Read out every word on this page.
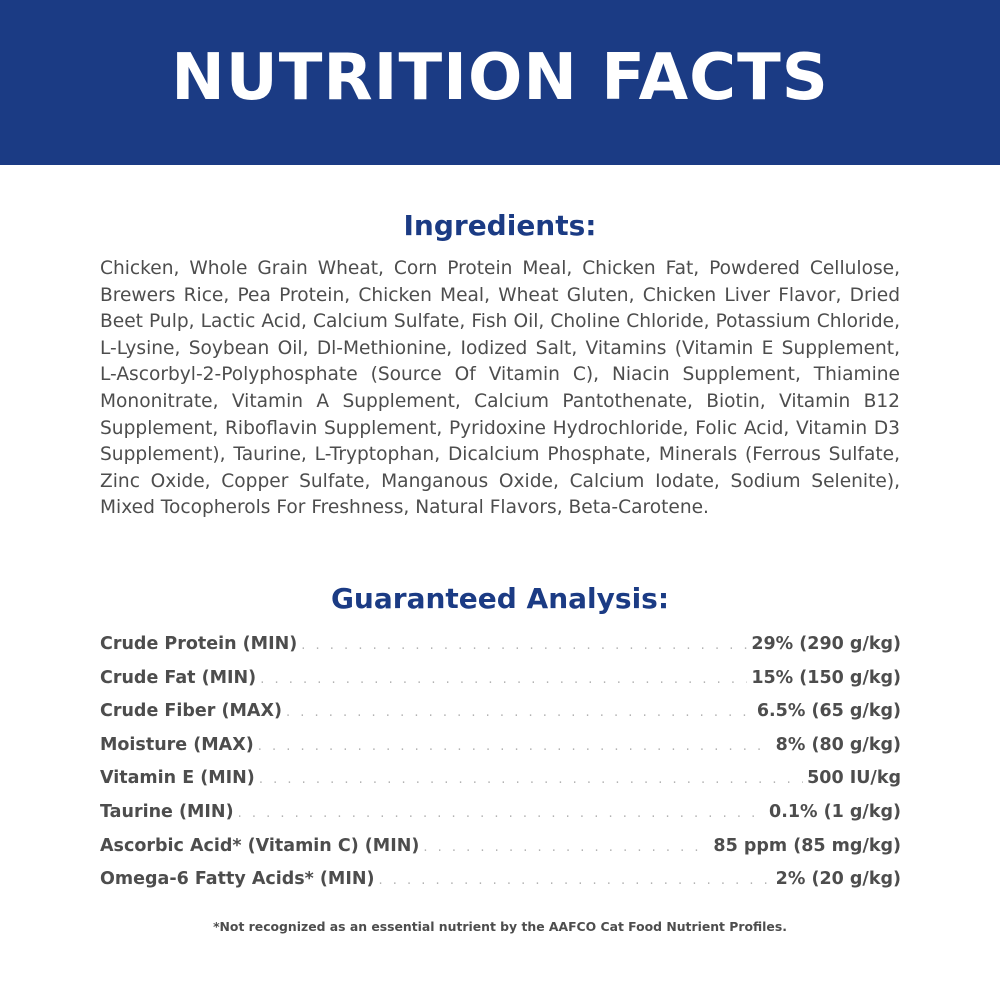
NUTRITION FACTS
Ingredients:

Chicken, Whole Grain Wheat, Corn Protein Meal, Chicken Fat, Powdered Cellulose, Brewers Rice, Pea Protein, Chicken Meal, Wheat Gluten, Chicken Liver Flavor, Dried Beet Pulp, Lactic Acid, Calcium Sulfate, Fish Oil, Choline Chloride, Potassium Chloride, L-Lysine, Soybean Oil, Dl-Methionine, Iodized Salt, Vitamins (Vitamin E Supplement, L-Ascorbyl-2-Polyphosphate (Source Of Vitamin C), Niacin Supplement, Thiamine Mononitrate, Vitamin A Supplement, Calcium Pantothenate, Biotin, Vitamin B12 Supplement, Riboflavin Supplement, Pyridoxine Hydrochloride, Folic Acid, Vitamin D3 Supplement), Taurine, L-Tryptophan, Dicalcium Phosphate, Minerals (Ferrous Sulfate, Zinc Oxide, Copper Sulfate, Manganous Oxide, Calcium Iodate, Sodium Selenite), Mixed Tocopherols For Freshness, Natural Flavors, Beta-Carotene.

Guaranteed Analysis:
Crude Protein (MIN) . . .	29% (290 g/kg)
Crude Fat (MIN) . . .	15% (150 g/kg)
Crude Fiber (MAX) . . .	6.5% (65 g/kg)
Moisture (MAX) . . .	8% (80 g/kg)
Vitamin E (MIN) . . .	500 IU/kg
Taurine (MIN) . . .	0.1% (1 g/kg)
Ascorbic Acid* (Vitamin C) (MIN) . . .	85 ppm (85 mg/kg)
Omega-6 Fatty Acids* (MIN) . . .	2% (20 g/kg)
*Not recognized as an essential nutrient by the AAFCO Cat Food Nutrient Profiles.
